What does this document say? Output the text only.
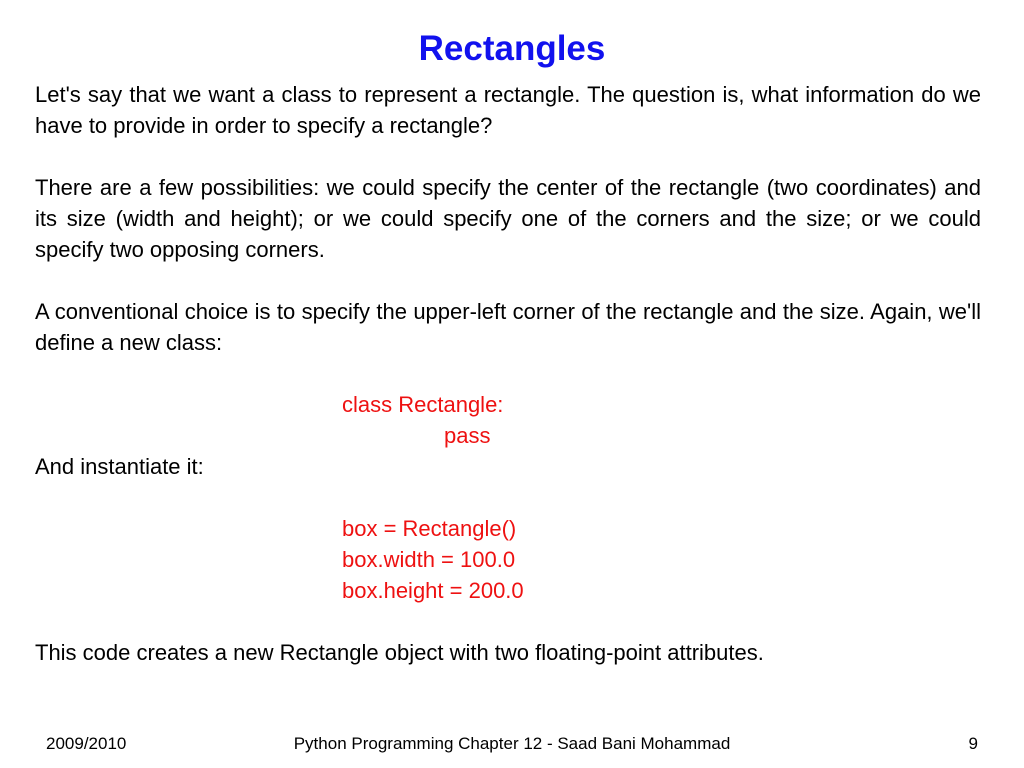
Rectangles

Let's say that we want a class to represent a rectangle. The question is, what information do we have to provide in order to specify a rectangle?

There are a few possibilities: we could specify the center of the rectangle (two coordinates) and its size (width and height); or we could specify one of the corners and the size; or we could specify two opposing corners.

A conventional choice is to specify the upper-left corner of the rectangle and the size. Again, we'll define a new class:

class Rectangle:

pass

And instantiate it:

box = Rectangle()

box.width = 100.0

box.height = 200.0

This code creates a new Rectangle object with two floating-point attributes.

Python Programming Chapter 12 - Saad Bani Mohammad
2009/2010	9
